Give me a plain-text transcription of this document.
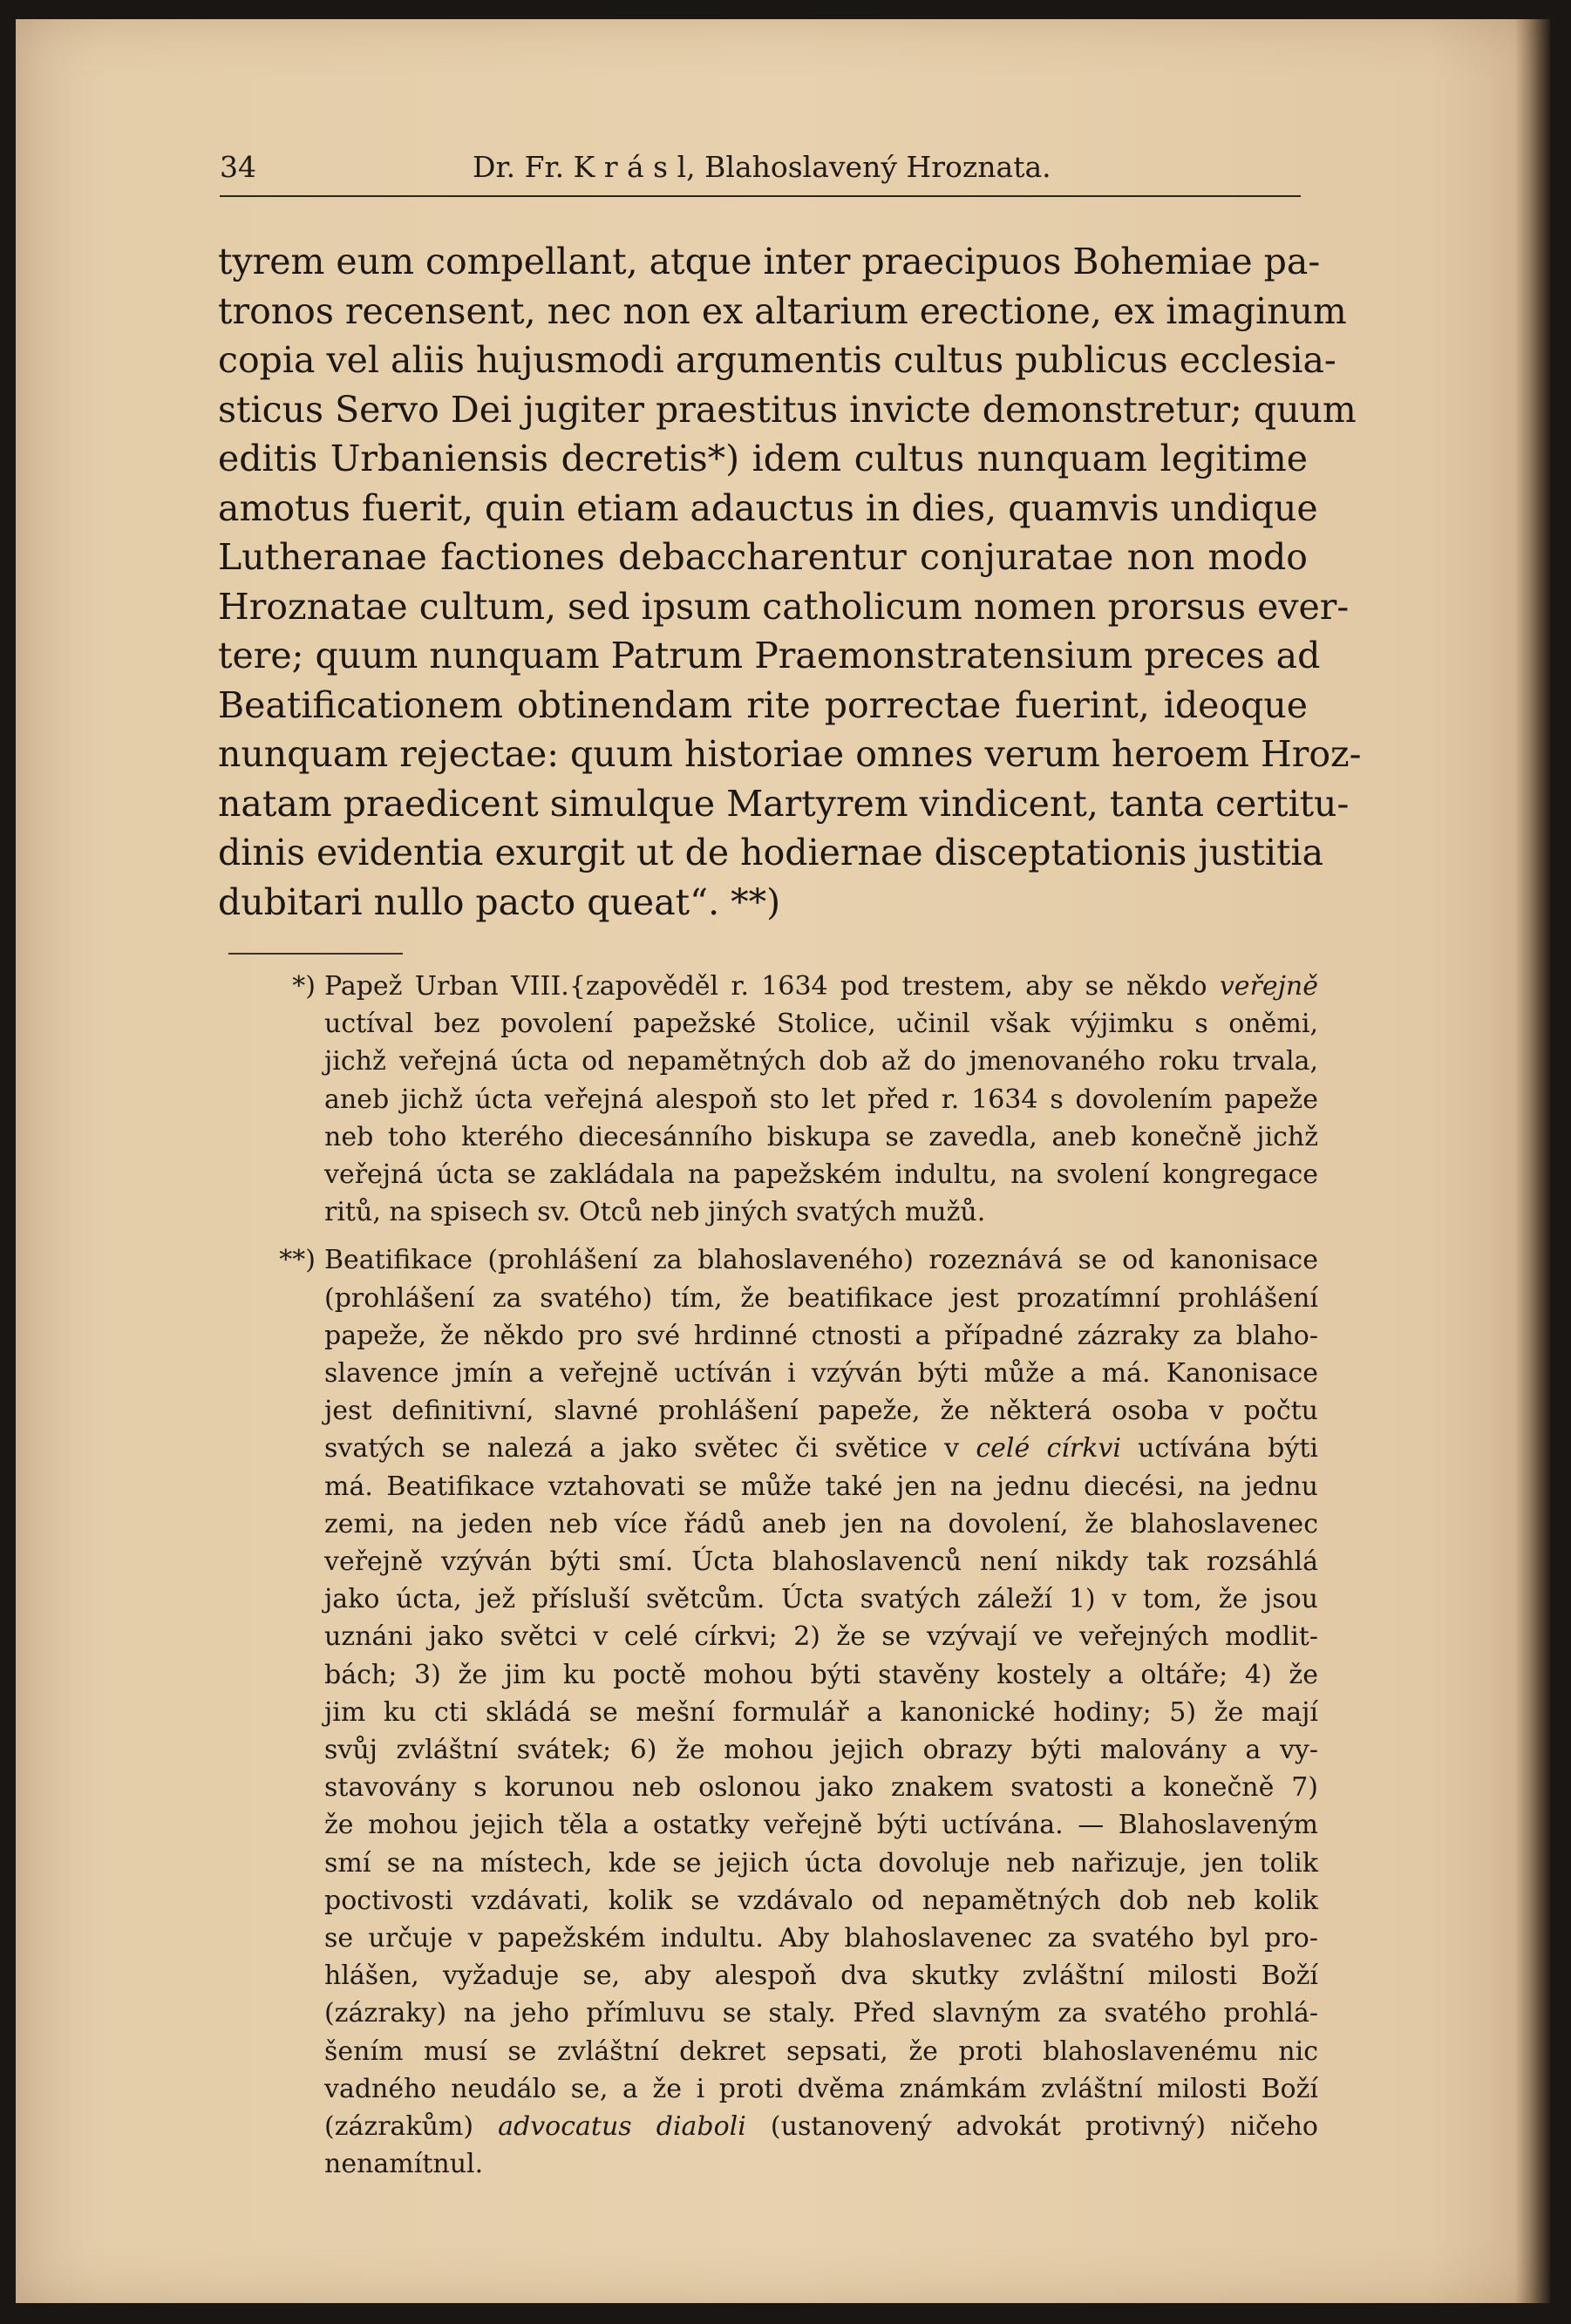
34	Dr. Fr. K r á s l, Blahoslavený Hroznata.
tyrem eum compellant, atque inter praecipuos Bohemiae pa-
tronos recensent, nec non ex altarium erectione, ex imaginum
copia vel aliis hujusmodi argumentis cultus publicus ecclesia-
sticus Servo Dei jugiter praestitus invicte demonstretur; quum
editis Urbaniensis decretis*) idem cultus nunquam legitime
amotus fuerit, quin etiam adauctus in dies, quamvis undique
Lutheranae factiones debaccharentur conjuratae non modo
Hroznatae cultum, sed ipsum catholicum nomen prorsus ever-
tere; quum nunquam Patrum Praemonstratensium preces ad
Beatificationem obtinendam rite porrectae fuerint, ideoque
nunquam rejectae: quum historiae omnes verum heroem Hroz-
natam praedicent simulque Martyrem vindicent, tanta certitu-
dinis evidentia exurgit ut de hodiernae disceptationis justitia
dubitari nullo pacto queat“. **)
*) Papež Urban VIII.{zapověděl r. 1634 pod trestem, aby se někdo veřejně
uctíval bez povolení papežské Stolice, učinil však výjimku s oněmi,
jichž veřejná úcta od nepamětných dob až do jmenovaného roku trvala,
aneb jichž úcta veřejná alespoň sto let před r. 1634 s dovolením papeže
neb toho kterého diecesánního biskupa se zavedla, aneb konečně jichž
veřejná úcta se zakládala na papežském indultu, na svolení kongregace
ritů, na spisech sv. Otců neb jiných svatých mužů.
**) Beatifikace (prohlášení za blahoslaveného) rozeznává se od kanonisace
(prohlášení za svatého) tím, že beatifikace jest prozatímní prohlášení
papeže, že někdo pro své hrdinné ctnosti a případné zázraky za blaho-
slavence jmín a veřejně uctíván i vzýván býti může a má. Kanonisace
jest definitivní, slavné prohlášení papeže, že některá osoba v počtu
svatých se nalezá a jako světec či světice v celé církvi uctívána býti
má. Beatifikace vztahovati se může také jen na jednu diecési, na jednu
zemi, na jeden neb více řádů aneb jen na dovolení, že blahoslavenec
veřejně vzýván býti smí. Úcta blahoslavenců není nikdy tak rozsáhlá
jako úcta, jež přísluší světcům. Úcta svatých záleží 1) v tom, že jsou
uznáni jako světci v celé církvi; 2) že se vzývají ve veřejných modlit-
bách; 3) že jim ku poctě mohou býti stavěny kostely a oltáře; 4) že
jim ku cti skládá se mešní formulář a kanonické hodiny; 5) že mají
svůj zvláštní svátek; 6) že mohou jejich obrazy býti malovány a vy-
stavovány s korunou neb oslonou jako znakem svatosti a konečně 7)
že mohou jejich těla a ostatky veřejně býti uctívána. — Blahoslaveným
smí se na místech, kde se jejich úcta dovoluje neb nařizuje, jen tolik
poctivosti vzdávati, kolik se vzdávalo od nepamětných dob neb kolik
se určuje v papežském indultu. Aby blahoslavenec za svatého byl pro-
hlášen, vyžaduje se, aby alespoň dva skutky zvláštní milosti Boží
(zázraky) na jeho přímluvu se staly. Před slavným za svatého prohlá-
šením musí se zvláštní dekret sepsati, že proti blahoslavenému nic
vadného neudálo se, a že i proti dvěma známkám zvláštní milosti Boží
(zázrakům) advocatus diaboli (ustanovený advokát protivný) ničeho
nenamítnul.
